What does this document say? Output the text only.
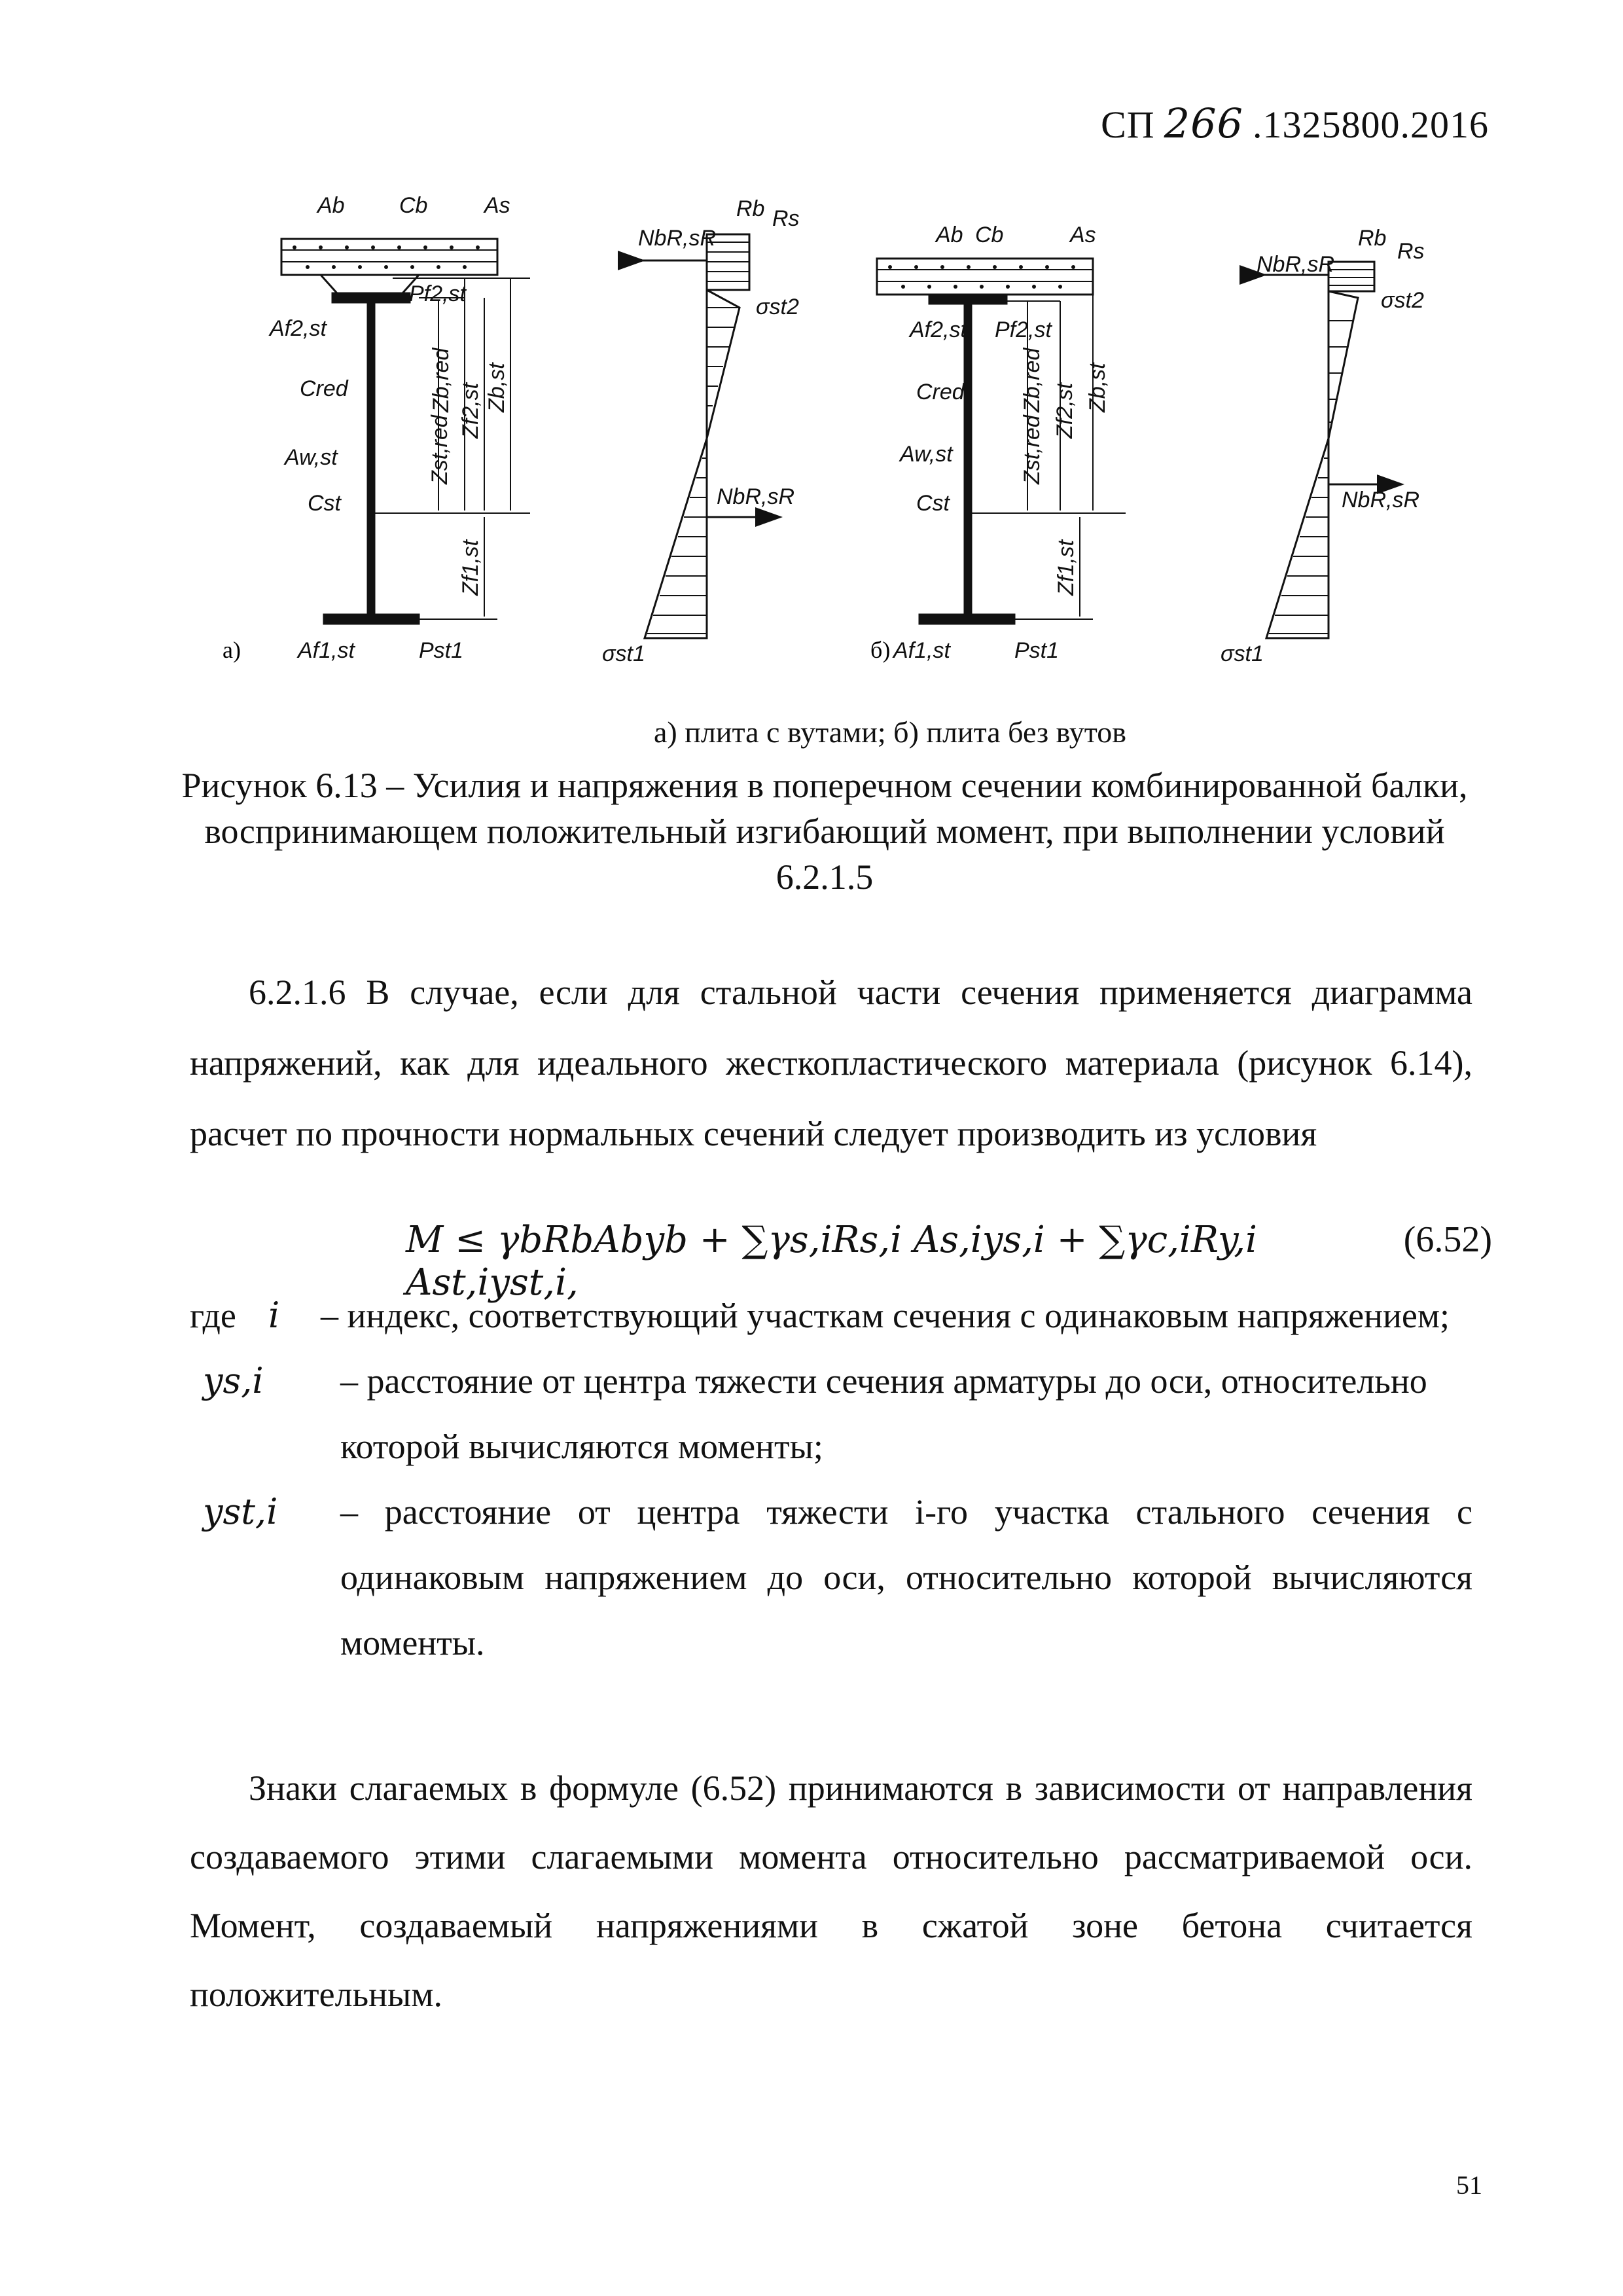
СП 266 .1325800.2016
Ab Cb	As
Pf2,st
Af2,st
Cred
Aw,st
Cst
Af1,st	Pst1
Zb,red Zf2,st Zb,st
Zst,red
Zf1,st
а)
NbR,sR
Rb Rs
σst2
NbR,sR
σst1
Ab Cb	As
Af2,st Pf2,st
Cred
Aw,st
Cst
Af1,st	Pst1
Zb,red Zf2,st Zb,st
Zst,red
Zf1,st
б)
NbR,sR
Rb
Rs
σst2
NbR,sR
σst1
а) плита с вутами; б) плита без вутов
Рисунок 6.13 – Усилия и напряжения в поперечном сечении комбинированной балки, воспринимающем положительный изгибающий момент, при выполнении условий 6.2.1.5
6.2.1.6 В случае, если для стальной части сечения применяется диаграмма напряжений, как для идеального жесткопластического материала (рисунок 6.14), расчет по прочности нормальных сечений следует производить из условия
M ≤ γbRbAbyb + ∑γs,iRs,i As,iys,i + ∑γc,iRy,i Ast,iyst,i,
(6.52)
где i	– индекс, соответствующий участкам сечения с одинаковым напряжением;
ys,i	– расстояние от центра тяжести сечения арматуры до оси, относительно которой вычисляются моменты;
yst,i	– расстояние от центра тяжести i-го участка стального сечения с одинаковым напряжением до оси, относительно которой вычисляются моменты.
Знаки слагаемых в формуле (6.52) принимаются в зависимости от направления создаваемого этими слагаемыми момента относительно рассматриваемой оси. Момент, создаваемый напряжениями в сжатой зоне бетона считается положительным.
51
